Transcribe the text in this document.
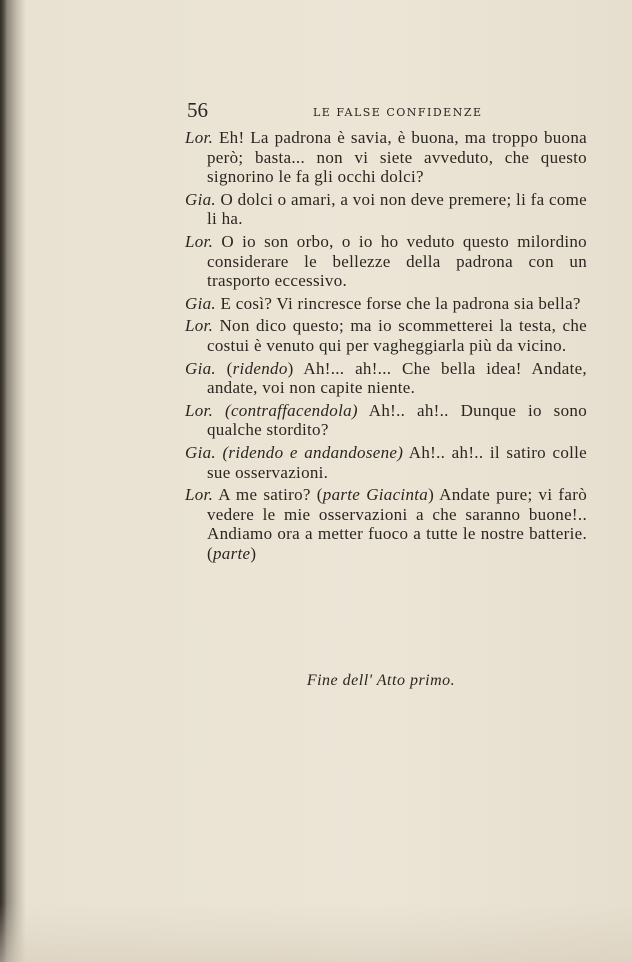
56	LE FALSE CONFIDENZE

Lor. Eh! La padrona è savia, è buona, ma troppo buona però; basta... non vi siete avveduto, che questo signorino le fa gli occhi dolci?

Gia. O dolci o amari, a voi non deve premere; li fa come li ha.

Lor. O io son orbo, o io ho veduto questo milordino considerare le bellezze della padrona con un trasporto eccessivo.

Gia. E così? Vi rincresce forse che la padrona sia bella?

Lor. Non dico questo; ma io scommetterei la testa, che costui è venuto qui per vagheggiarla più da vicino.

Gia. (ridendo) Ah!... ah!... Che bella idea! Andate, andate, voi non capite niente.

Lor. (contraffacendola) Ah!.. ah!.. Dunque io sono qualche stordito?

Gia. (ridendo e andandosene) Ah!.. ah!.. il satiro colle sue osservazioni.

Lor. A me satiro? (parte Giacinta) Andate pure; vi farò vedere le mie osservazioni a che saranno buone!.. Andiamo ora a metter fuoco a tutte le nostre batterie. (parte)

Fine dell' Atto primo.
